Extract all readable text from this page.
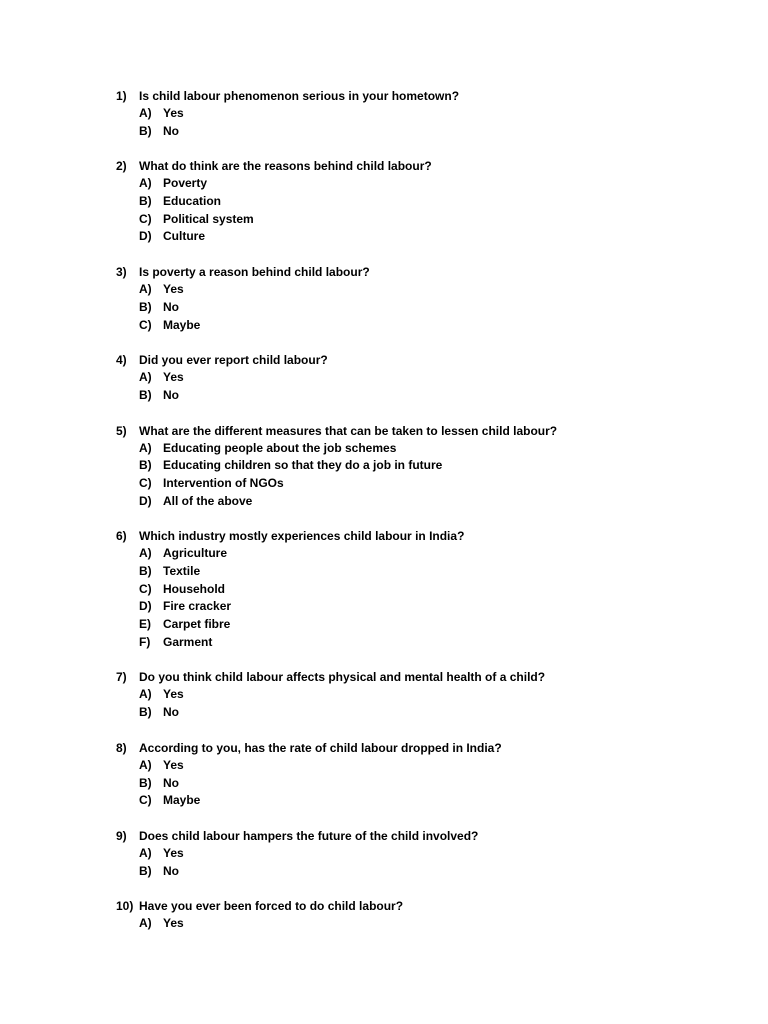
1)	Is child labour phenomenon serious in your hometown?
A) Yes
B) No
2)	What do think are the reasons behind child labour?
A) Poverty
B) Education
C) Political system
D) Culture
3)	Is poverty a reason behind child labour?
A) Yes
B) No
C) Maybe
4)	Did you ever report child labour?
A) Yes
B) No
5)	What are the different measures that can be taken to lessen child labour?
A) Educating people about the job schemes
B) Educating children so that they do a job in future
C) Intervention of NGOs
D) All of the above
6)	Which industry mostly experiences child labour in India?
A) Agriculture
B) Textile
C) Household
D) Fire cracker
E)	Carpet fibre
F)	Garment
7)	Do you think child labour affects physical and mental health of a child?
A) Yes
B) No
8)	According to you, has the rate of child labour dropped in India?
A) Yes
B) No
C) Maybe
9)	Does child labour hampers the future of the child involved?
A) Yes
B) No
10) Have you ever been forced to do child labour?
A) Yes
